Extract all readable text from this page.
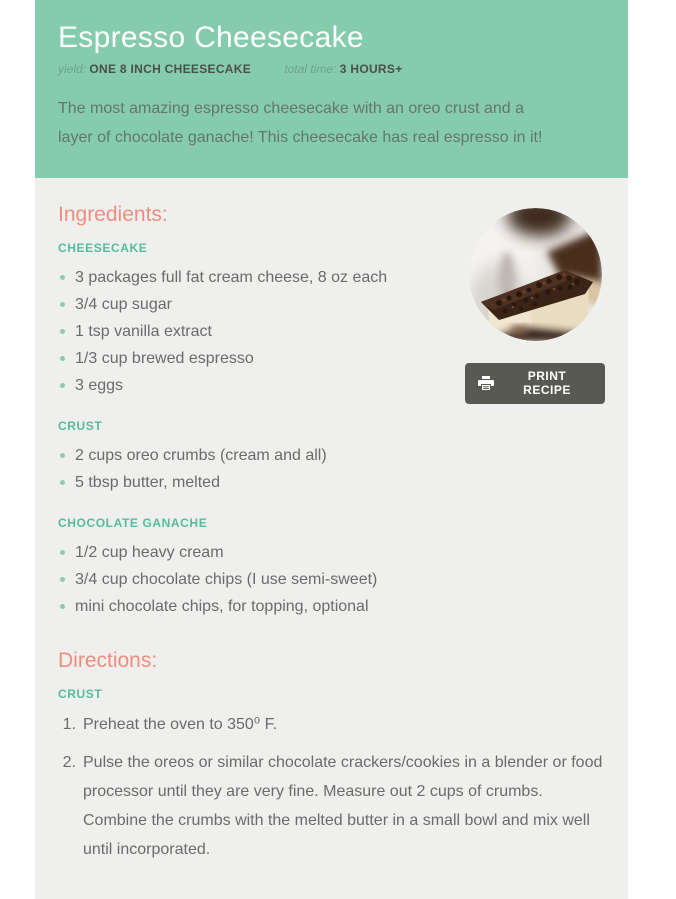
Espresso Cheesecake
yield: ONE 8 INCH CHEESECAKE	total time: 3 HOURS+

The most amazing espresso cheesecake with an oreo crust and a layer of chocolate ganache! This cheesecake has real espresso in it!

PRINT RECIPE
Ingredients:
CHEESECAKE
3 packages full fat cream cheese, 8 oz each
3/4 cup sugar
1 tsp vanilla extract
1/3 cup brewed espresso
3 eggs
CRUST
2 cups oreo crumbs (cream and all)
5 tbsp butter, melted
CHOCOLATE GANACHE
1/2 cup heavy cream
3/4 cup chocolate chips (I use semi-sweet)
mini chocolate chips, for topping, optional
Directions:
CRUST
Preheat the oven to 350⁰ F.
Pulse the oreos or similar chocolate crackers/cookies in a blender or food processor until they are very fine. Measure out 2 cups of crumbs. Combine the crumbs with the melted butter in a small bowl and mix well until incorporated.
